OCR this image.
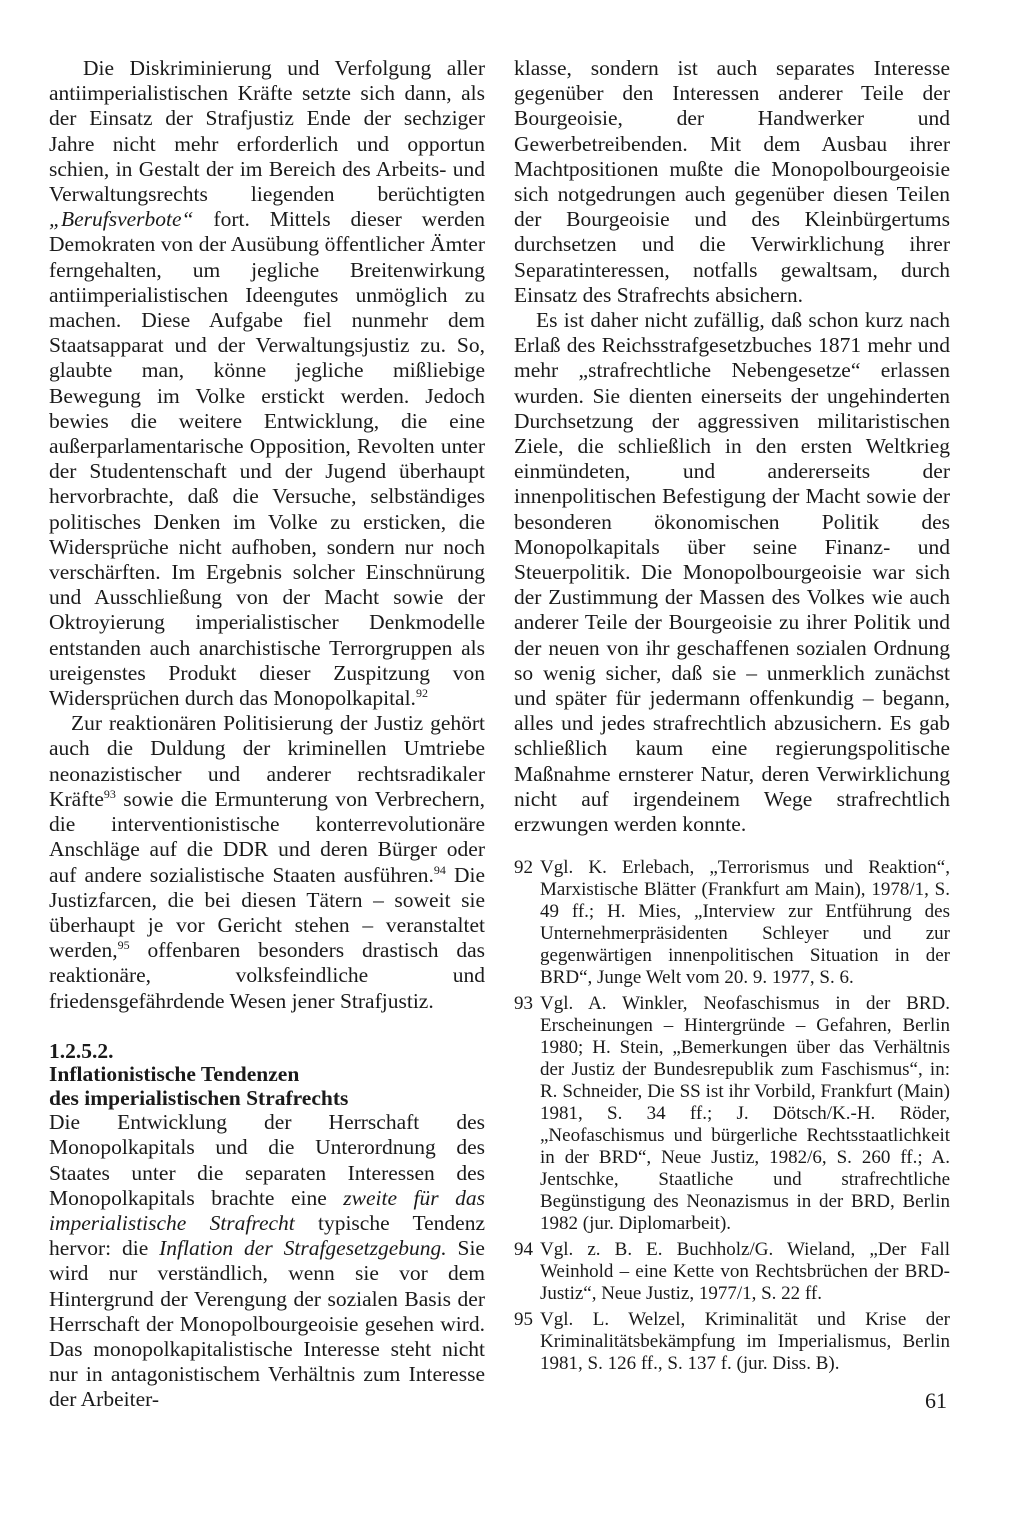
Die Diskriminierung und Verfolgung aller antiimperialistischen Kräfte setzte sich dann, als der Einsatz der Strafjustiz Ende der sechziger Jahre nicht mehr erforderlich und opportun schien, in Gestalt der im Bereich des Arbeits- und Verwaltungsrechts liegenden berüchtigten „Berufsverbote“ fort. Mittels dieser werden Demokraten von der Ausübung öffentlicher Ämter ferngehalten, um jegliche Breitenwirkung antiimperialistischen Ideengutes unmöglich zu machen. Diese Aufgabe fiel nunmehr dem Staatsapparat und der Verwaltungsjustiz zu. So, glaubte man, könne jegliche mißliebige Bewegung im Volke erstickt werden. Jedoch bewies die weitere Entwicklung, die eine außerparlamentarische Opposition, Revolten unter der Studentenschaft und der Jugend überhaupt hervorbrachte, daß die Versuche, selbständiges politisches Denken im Volke zu ersticken, die Widersprüche nicht aufhoben, sondern nur noch verschärften. Im Ergebnis solcher Einschnürung und Ausschließung von der Macht sowie der Oktroyierung imperialistischer Denkmodelle entstanden auch anarchistische Terrorgruppen als ureigenstes Produkt dieser Zuspitzung von Widersprüchen durch das Monopolkapital.$^{92}$

Zur reaktionären Politisierung der Justiz gehört auch die Duldung der kriminellen Umtriebe neonazistischer und anderer rechtsradikaler Kräfte$^{93}$ sowie die Ermunterung von Verbrechern, die interventionistische konterrevolutionäre Anschläge auf die DDR und deren Bürger oder auf andere sozialistische Staaten ausführen.$^{94}$ Die Justizfarcen, die bei diesen Tätern – soweit sie überhaupt je vor Gericht stehen – veranstaltet werden,$^{95}$ offenbaren besonders drastisch das reaktionäre, volksfeindliche und friedensgefährdende Wesen jener Strafjustiz.

1.2.5.2.
Inflationistische Tendenzen
des imperialistischen Strafrechts

Die Entwicklung der Herrschaft des Monopolkapitals und die Unterordnung des Staates unter die separaten Interessen des Monopolkapitals brachte eine zweite für das imperialistische Strafrecht typische Tendenz hervor: die Inflation der Strafgesetzgebung. Sie wird nur verständlich, wenn sie vor dem Hintergrund der Verengung der sozialen Basis der Herrschaft der Monopolbourgeoisie gesehen wird. Das monopolkapitalistische Interesse steht nicht nur in antagonistischem Verhältnis zum Interesse der Arbeiter-

klasse, sondern ist auch separates Interesse gegenüber den Interessen anderer Teile der Bourgeoisie, der Handwerker und Gewerbetreibenden. Mit dem Ausbau ihrer Machtpositionen mußte die Monopolbourgeoisie sich notgedrungen auch gegenüber diesen Teilen der Bourgeoisie und des Kleinbürgertums durchsetzen und die Verwirklichung ihrer Separatinteressen, notfalls gewaltsam, durch Einsatz des Strafrechts absichern.

Es ist daher nicht zufällig, daß schon kurz nach Erlaß des Reichsstrafgesetzbuches 1871 mehr und mehr „strafrechtliche Nebengesetze“ erlassen wurden. Sie dienten einerseits der ungehinderten Durchsetzung der aggressiven militaristischen Ziele, die schließlich in den ersten Weltkrieg einmündeten, und andererseits der innenpolitischen Befestigung der Macht sowie der besonderen ökonomischen Politik des Monopolkapitals über seine Finanz- und Steuerpolitik. Die Monopolbourgeoisie war sich der Zustimmung der Massen des Volkes wie auch anderer Teile der Bourgeoisie zu ihrer Politik und der neuen von ihr geschaffenen sozialen Ordnung so wenig sicher, daß sie – unmerklich zunächst und später für jedermann offenkundig – begann, alles und jedes strafrechtlich abzusichern. Es gab schließlich kaum eine regierungspolitische Maßnahme ernsterer Natur, deren Verwirklichung nicht auf irgendeinem Wege strafrechtlich erzwungen werden konnte.

92 Vgl. K. Erlebach, „Terrorismus und Reaktion“, Marxistische Blätter (Frankfurt am Main), 1978/1, S. 49 ff.; H. Mies, „Interview zur Entführung des Unternehmerpräsidenten Schleyer und zur gegenwärtigen innenpolitischen Situation in der BRD“, Junge Welt vom 20. 9. 1977, S. 6.
93 Vgl. A. Winkler, Neofaschismus in der BRD. Erscheinungen – Hintergründe – Gefahren, Berlin 1980; H. Stein, „Bemerkungen über das Verhältnis der Justiz der Bundesrepublik zum Faschismus“, in: R. Schneider, Die SS ist ihr Vorbild, Frankfurt (Main) 1981, S. 34 ff.; J. Dötsch/K.-H. Röder, „Neofaschismus und bürgerliche Rechtsstaatlichkeit in der BRD“, Neue Justiz, 1982/6, S. 260 ff.; A. Jentschke, Staatliche und strafrechtliche Begünstigung des Neonazismus in der BRD, Berlin 1982 (jur. Diplomarbeit).
94 Vgl. z. B. E. Buchholz/G. Wieland, „Der Fall Weinhold – eine Kette von Rechtsbrüchen der BRD-Justiz“, Neue Justiz, 1977/1, S. 22 ff.
95 Vgl. L. Welzel, Kriminalität und Krise der Kriminalitätsbekämpfung im Imperialismus, Berlin 1981, S. 126 ff., S. 137 f. (jur. Diss. B).
61
